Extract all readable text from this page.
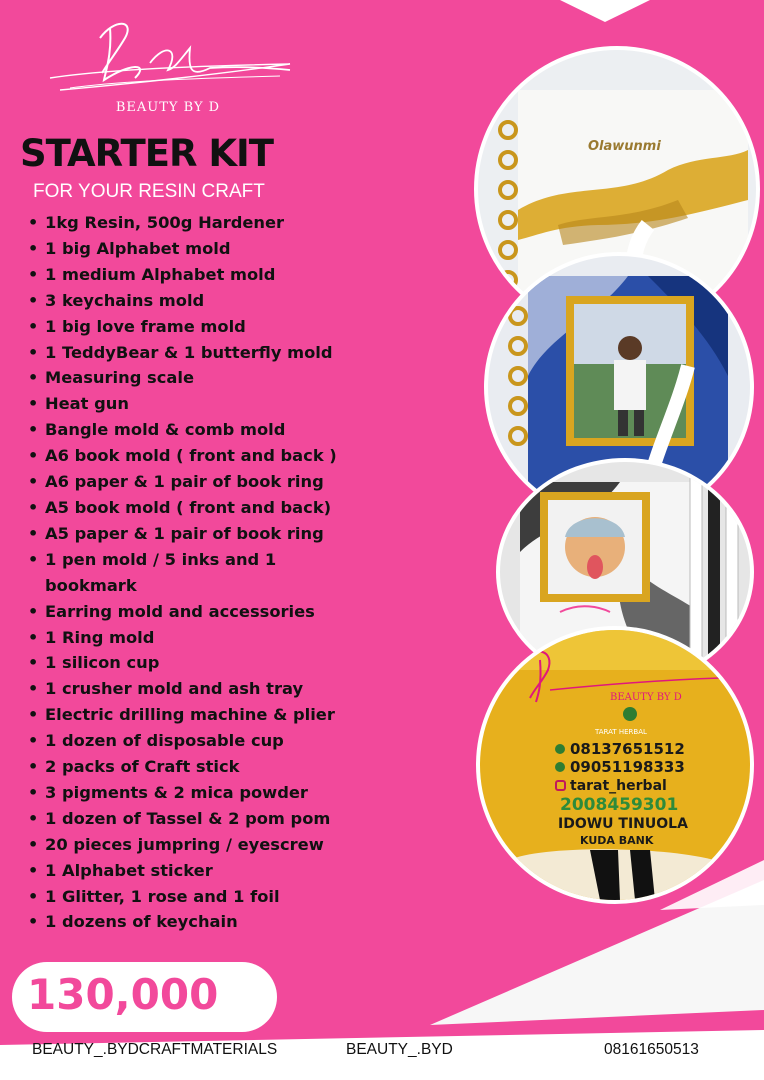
BEAUTY BY D
STARTER KIT
FOR YOUR RESIN CRAFT
• 1kg Resin, 500g Hardener
• 1 big Alphabet mold
• 1 medium Alphabet mold
• 3 keychains mold
• 1 big love frame mold
• 1 TeddyBear & 1 butterfly mold
• Measuring scale
• Heat gun
• Bangle mold & comb mold
• A6 book mold ( front and back )
• A6 paper & 1 pair of book ring
• A5 book mold ( front and back)
• A5 paper & 1 pair of book ring
• 1 pen mold / 5 inks and 1 bookmark
• Earring mold and accessories
• 1 Ring mold
• 1 silicon cup
• 1 crusher mold and ash tray
• Electric drilling machine & plier
• 1 dozen of disposable cup
• 2 packs of Craft stick
• 3 pigments & 2 mica powder
• 1 dozen of Tassel & 2 pom pom
• 20 pieces jumpring / eyescrew
• 1 Alphabet sticker
• 1 Glitter, 1 rose and 1 foil
• 1 dozens of keychain
Olawunmi
BEAUTY BY D
TARAT HERBAL
08137651512
09051198333
tarat_herbal
2008459301
IDOWU TINUOLA
KUDA BANK
130,000
BEAUTY_.BYDCRAFTMATERIALS	BEAUTY_.BYD	08161650513
